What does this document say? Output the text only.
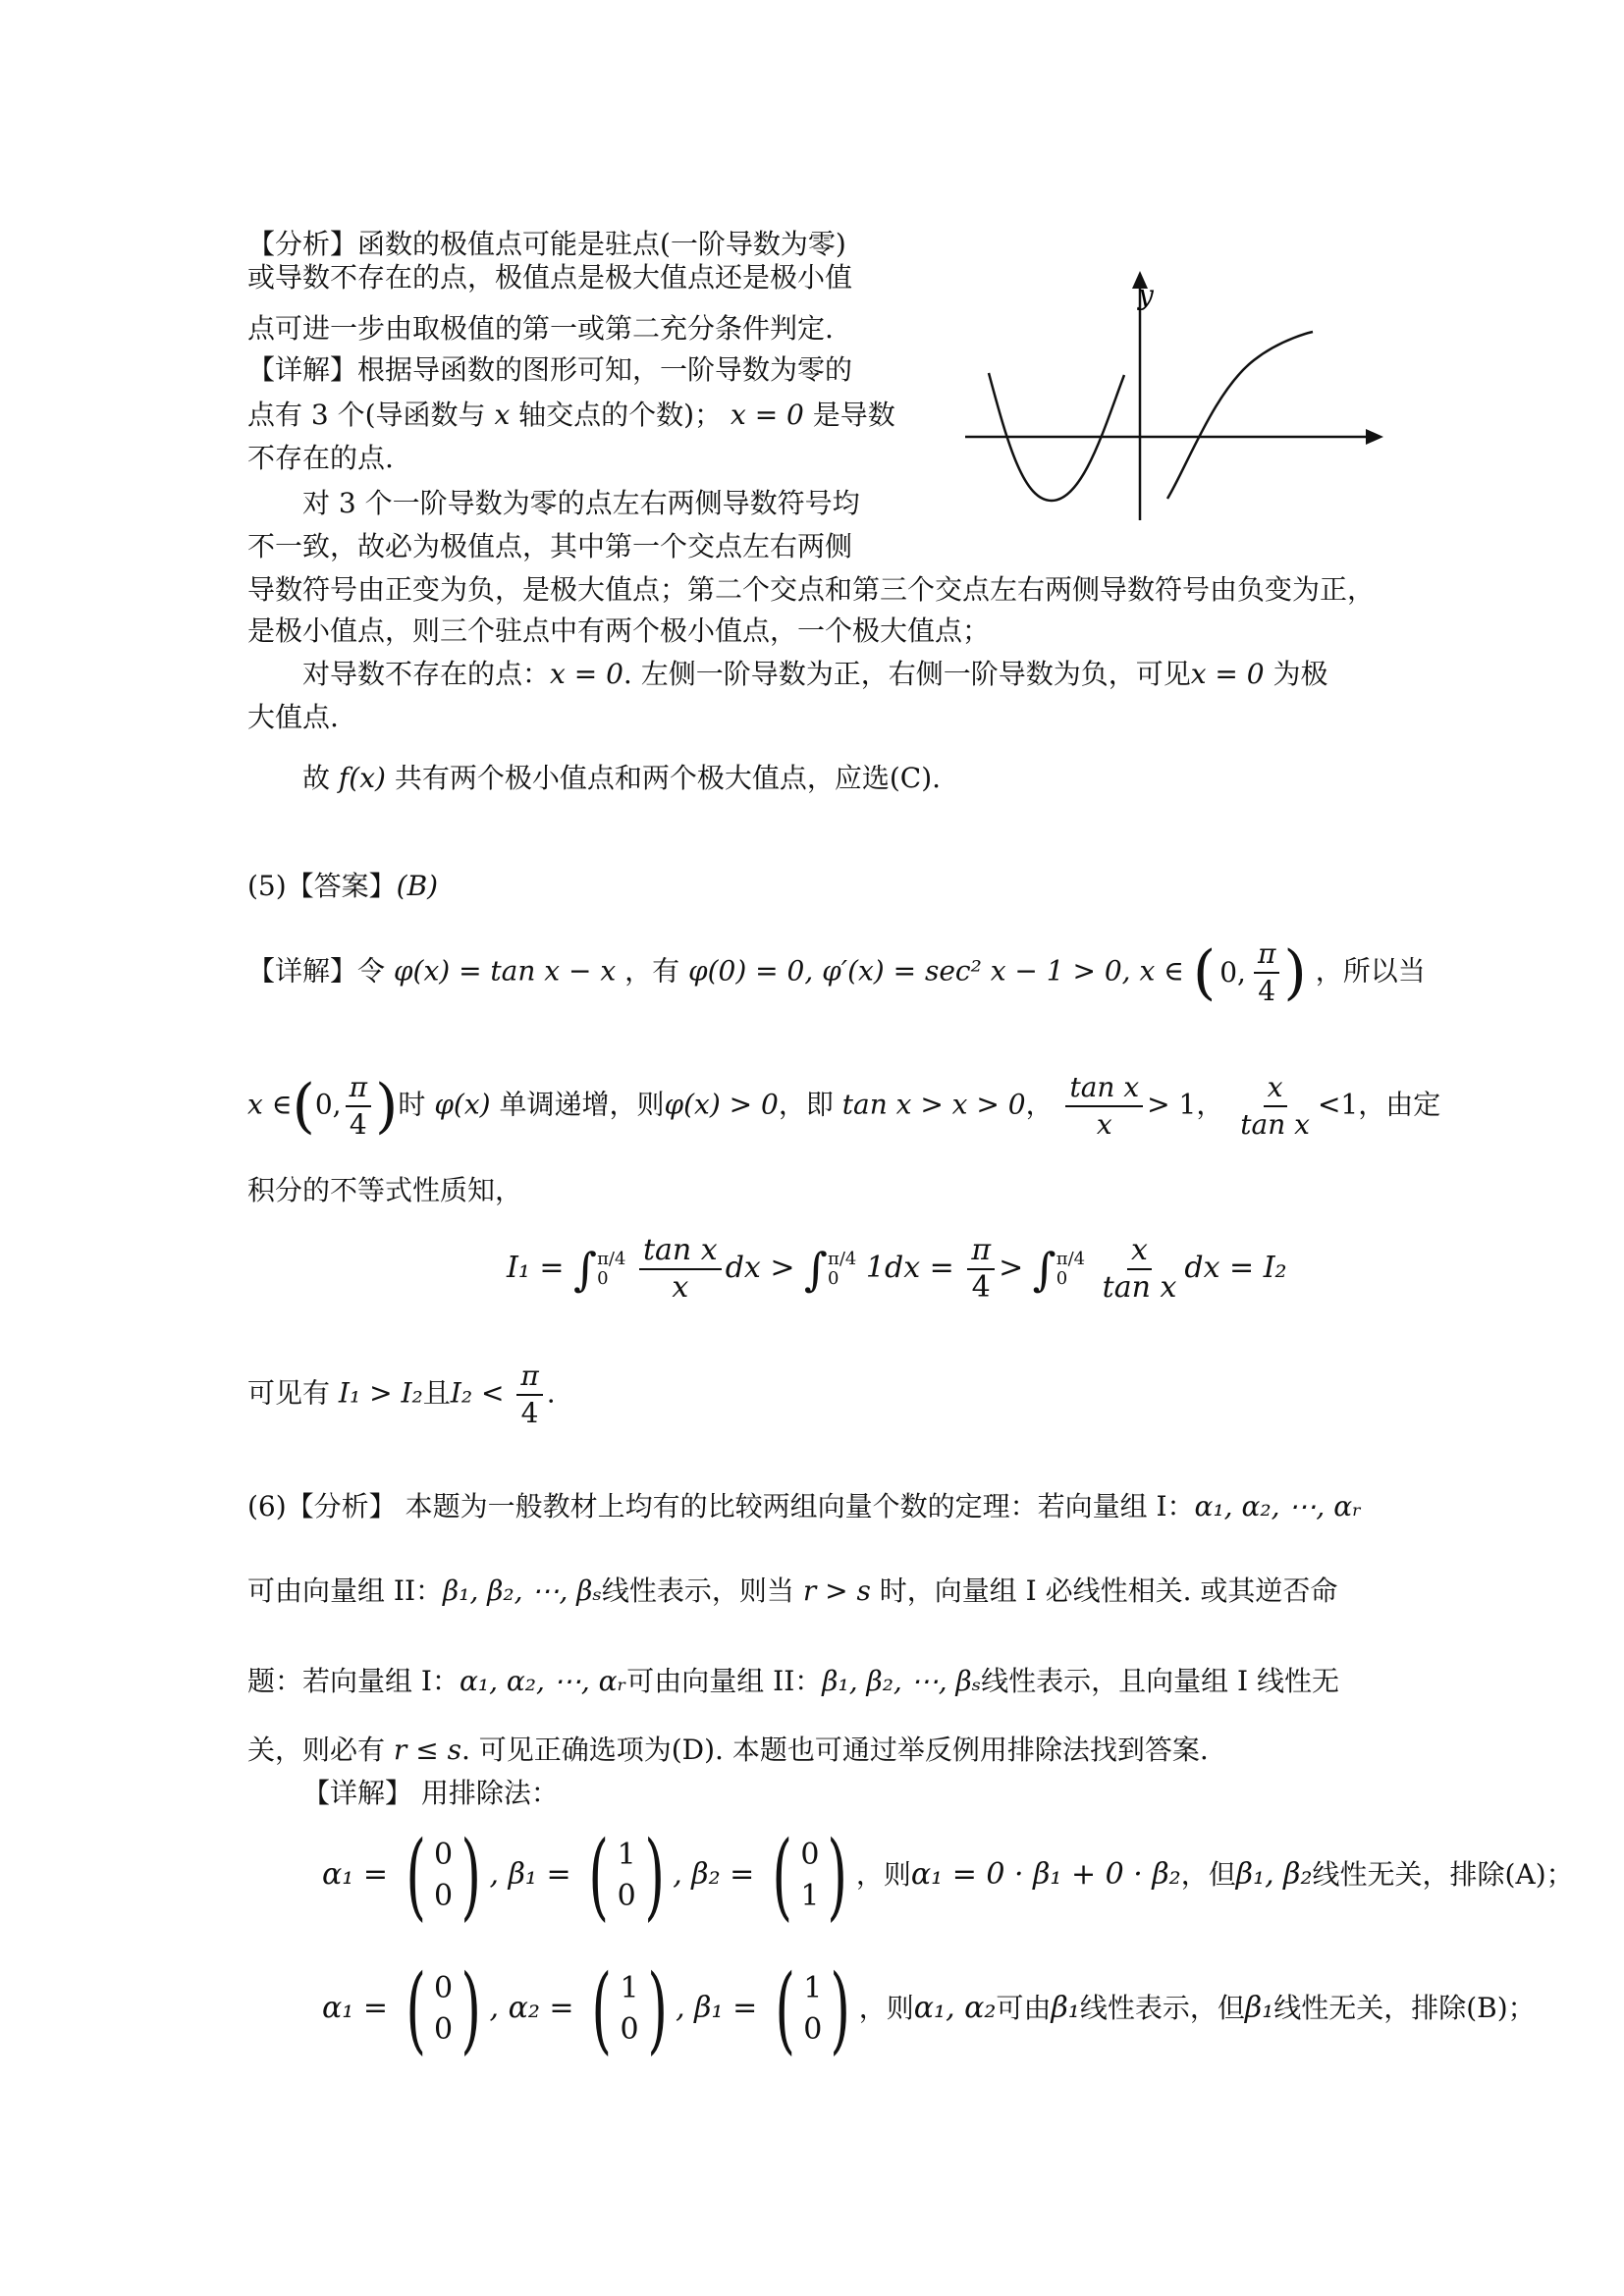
【分析】函数的极值点可能是驻点(一阶导数为零)
或导数不存在的点，极值点是极大值点还是极小值
点可进一步由取极值的第一或第二充分条件判定.
【详解】根据导函数的图形可知，一阶导数为零的
点有 3 个(导函数与 x 轴交点的个数)； x = 0 是导数
不存在的点.
对 3 个一阶导数为零的点左右两侧导数符号均
不一致，故必为极值点，其中第一个交点左右两侧
导数符号由正变为负，是极大值点；第二个交点和第三个交点左右两侧导数符号由负变为正，
是极小值点，则三个驻点中有两个极小值点，一个极大值点；
对导数不存在的点：x = 0. 左侧一阶导数为正，右侧一阶导数为负，可见x = 0 为极
大值点.
故 f(x) 共有两个极小值点和两个极大值点，应选(C).
y
(5)【答案】(B)
【详解】令 φ(x) = tan x − x ，有 φ(0) = 0, φ′(x) = sec² x − 1 > 0, x ∈ ( 0, $\frac{\pi}{4}$ ) ，所以当
x ∈(0, $\frac{\pi}{4}$ )时 φ(x) 单调递增，则φ(x) > 0，即 tan x > x > 0， $\frac{\text{tan x}}{x} > 1$， $\frac{x}{\text{tan x}} <1$，由定
积分的不等式性质知，
I₁ = ∫ π/4
0
	$\frac{\text{tan x}}{x}$ dx > ∫ π/4
0 $1dx = \frac{\pi}{4}$ > ∫ π/4
0
	$\frac{x}{\text{tan x}}$ dx = I₂
可见有 I₁ > I₂且$I_2 < \frac{\pi}{4}$ .
(6)【分析】 本题为一般教材上均有的比较两组向量个数的定理：若向量组 I：α₁, α₂, ⋯, αᵣ
可由向量组 II：β₁, β₂, ⋯, βₛ线性表示，则当 r > s 时，向量组 I 必线性相关. 或其逆否命
题：若向量组 I：α₁, α₂, ⋯, αᵣ可由向量组 II：β₁, β₂, ⋯, βₛ线性表示，且向量组 I 线性无
关，则必有 r ≤ s. 可见正确选项为(D). 本题也可通过举反例用排除法找到答案.
【详解】 用排除法：
α₁ = ( 0
0 ) , β₁ = ( 1
0 ) , β₂ = ( 0
1 ) ，则α₁ = 0 · β₁ + 0 · β₂，但β₁, β₂线性无关，排除(A)；
α₁ = ( 0
0 ) , α₂ = ( 1
0 ) , β₁ = ( 1
0 ) ，则α₁, α₂可由β₁线性表示，但β₁线性无关，排除(B)；
